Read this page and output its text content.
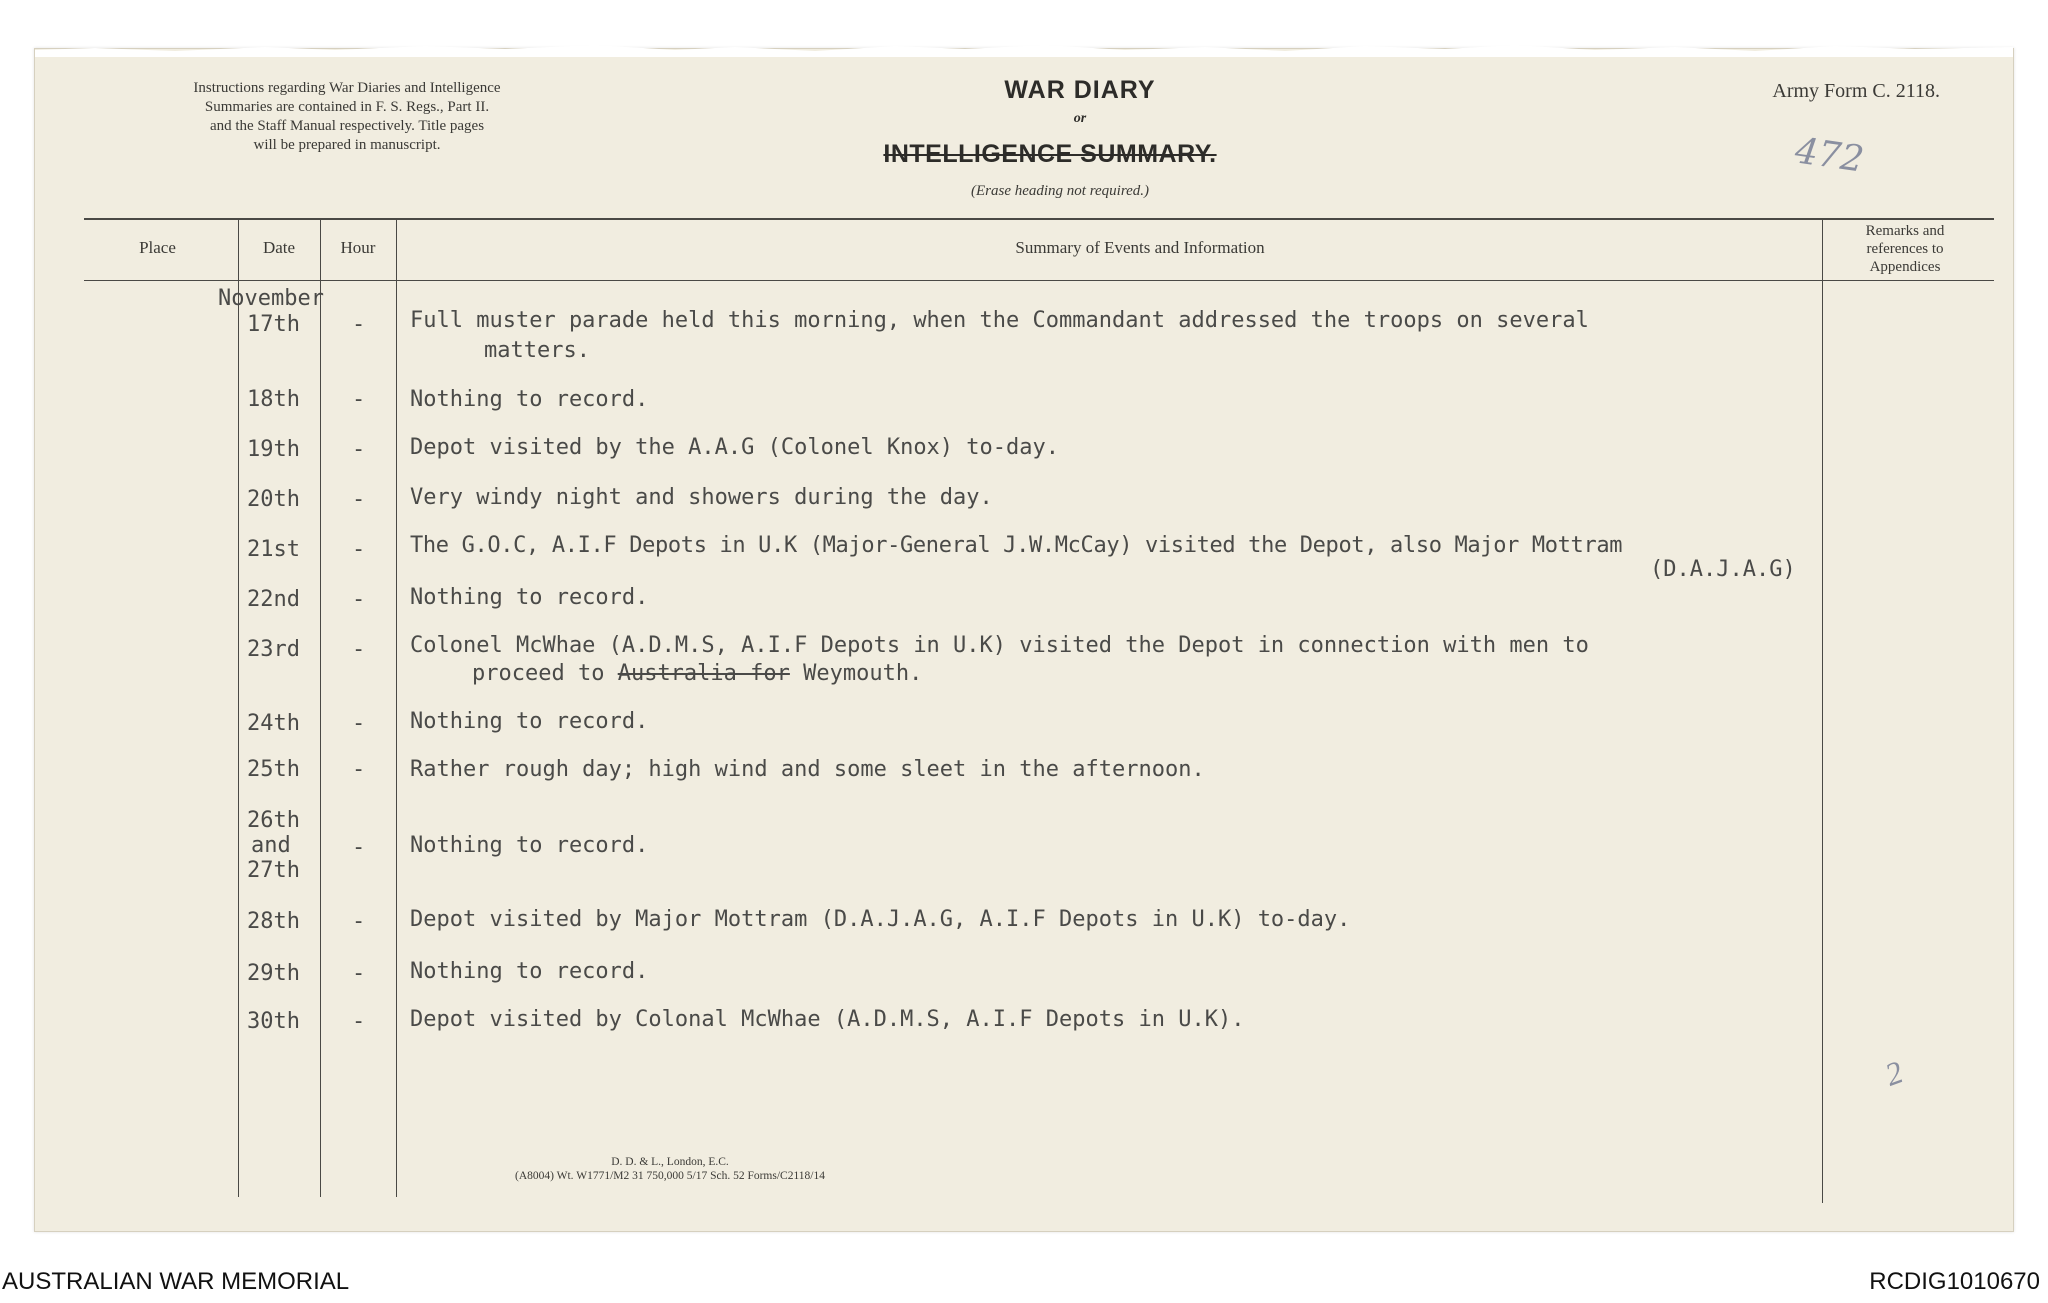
Instructions regarding War Diaries and Intelligence
Summaries are contained in F. S. Regs., Part II.
and the Staff Manual respectively. Title pages
will be prepared in manuscript.
WAR DIARY
or
INTELLIGENCE SUMMARY.
(Erase heading not required.)
Army Form C. 2118.
472
Place	Date	Hour	Summary of Events and Information
Remarks and
references to
Appendices
November
17th - Full muster parade held this morning, when the Commandant addressed the troops on several
matters.
18th - Nothing to record.
19th - Depot visited by the A.A.G (Colonel Knox) to-day.
20th - Very windy night and showers during the day.
21st - The G.O.C, A.I.F Depots in U.K (Major-General J.W.McCay) visited the Depot, also Major Mottram
(D.A.J.A.G)
22nd - Nothing to record.
23rd - Colonel McWhae (A.D.M.S, A.I.F Depots in U.K) visited the Depot in connection with men to
proceed to Australia-for Weymouth.
24th - Nothing to record.
25th - Rather rough day; high wind and some sleet in the afternoon.
26th
and
27th
- Nothing to record.
28th - Depot visited by Major Mottram (D.A.J.A.G, A.I.F Depots in U.K) to-day.
29th - Nothing to record.
30th - Depot visited by Colonal McWhae (A.D.M.S, A.I.F Depots in U.K).
D. D. & L., London, E.C.
(A8004) Wt. W1771/M2 31 750,000 5/17 Sch. 52 Forms/C2118/14
2
AUSTRALIAN WAR MEMORIAL	RCDIG1010670
